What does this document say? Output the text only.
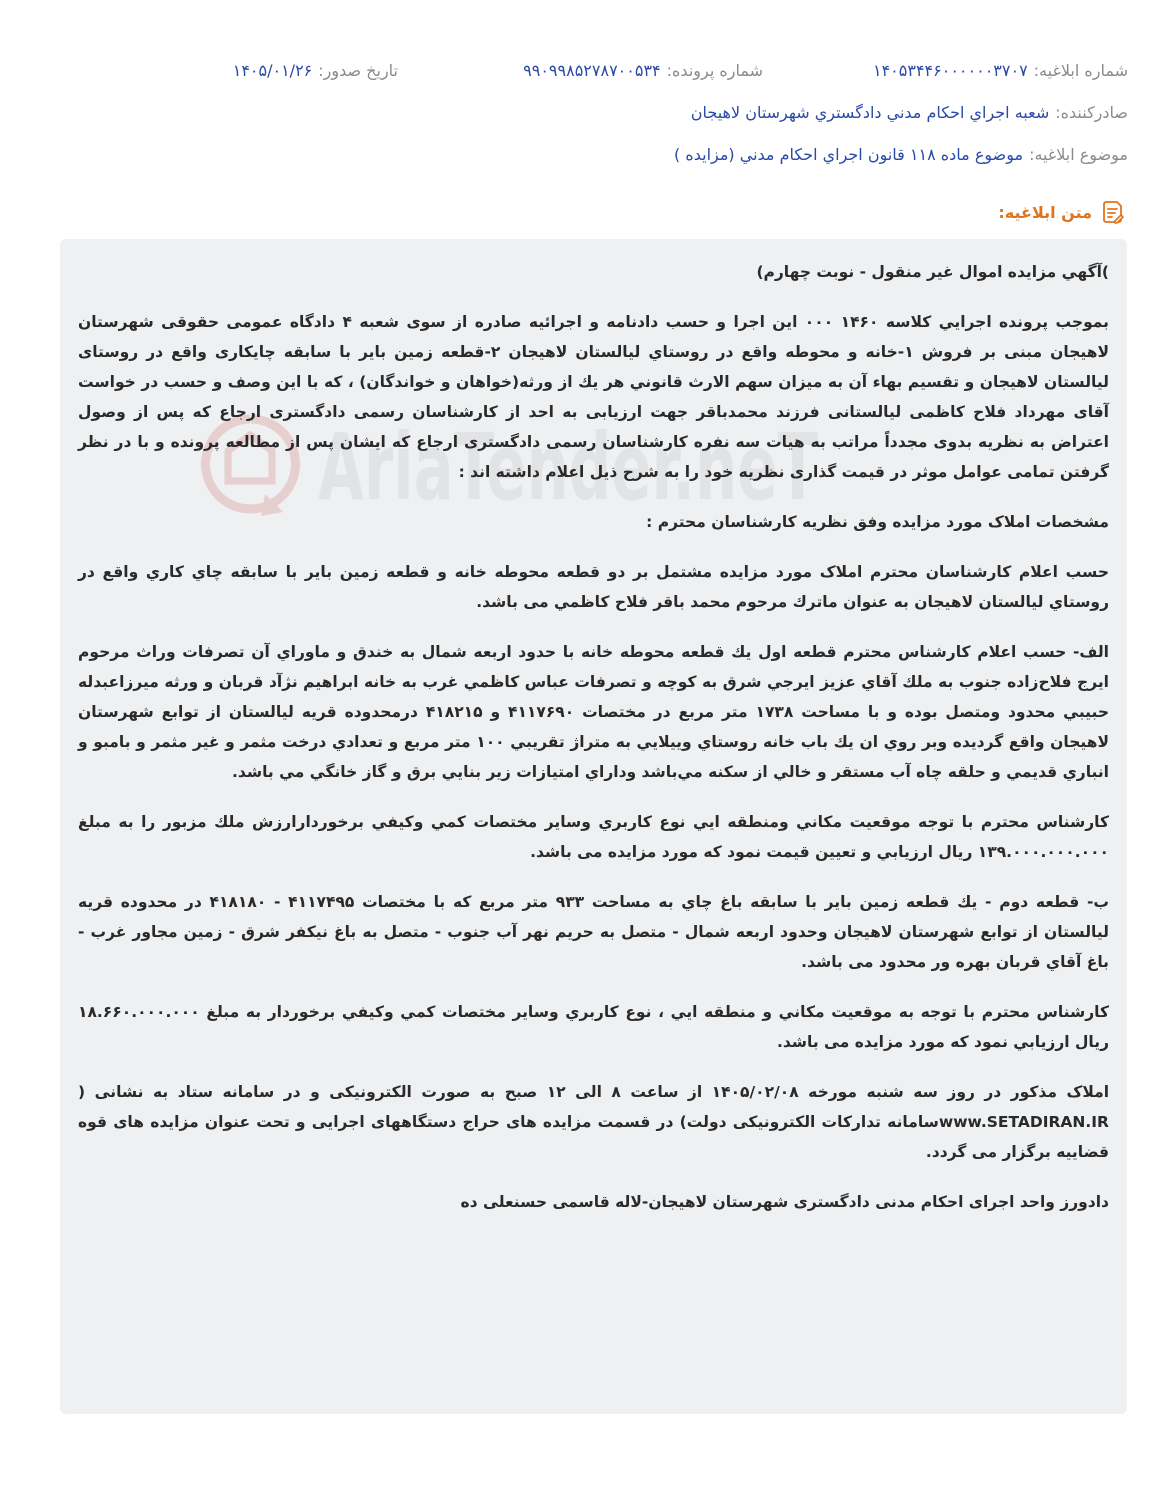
شماره ابلاغيه:
۱۴۰۵۳۴۴۶۰۰۰۰۰۰۳۷۰۷
شماره پرونده:
۹۹۰۹۹۸۵۲۷۸۷۰۰۵۳۴
تاريخ صدور:
۱۴۰۵/۰۱/۲۶
صادرکننده:
شعبه اجراي احكام مدني دادگستري شهرستان لاهيجان
موضوع ابلاغيه:
موضوع ماده ۱۱۸ قانون اجراي احكام مدني (مزايده )
متن ابلاغيه:
AriaTender.neT

)آگهي مزايده اموال غير منقول - نوبت چهارم)

بموجب پرونده اجرايي كلاسه ۱۴۶۰ ۰۰۰ اين اجرا و حسب دادنامه و اجرائيه صادره از سوی شعبه ۴ دادگاه عمومی حقوقی شهرستان لاهيجان مبنی بر فروش ۱-خانه و محوطه واقع در روستاي ليالستان لاهيجان ۲-قطعه زمين باير با سابقه چايكاری واقع در روستای ليالستان لاهيجان و تقسيم بهاء آن به ميزان سهم الارث قانوني هر يك از ورثه(خواهان و خواندگان) ، كه با اين وصف و حسب در خواست آقای مهرداد فلاح كاظمی ليالستانی فرزند محمدباقر جهت ارزيابی به احد از كارشناسان رسمی دادگستری ارجاع كه پس از وصول اعتراض به نظريه بدوی مجدداً مراتب به هيات سه نفره كارشناسان رسمی دادگستری ارجاع كه ايشان پس از مطالعه پرونده و با در نظر گرفتن تمامی عوامل موثر در قيمت گذاری نظريه خود را به شرح ذيل اعلام داشته اند :

مشخصات املاک مورد مزايده وفق نظريه كارشناسان محترم :

حسب اعلام كارشناسان محترم املاک مورد مزايده مشتمل بر دو قطعه محوطه خانه و قطعه زمين باير با سابقه چاي كاري واقع در روستاي ليالستان لاهيجان به عنوان ماترك مرحوم محمد باقر فلاح كاظمي می باشد.

الف- حسب اعلام كارشناس محترم قطعه اول يك قطعه محوطه خانه با حدود اربعه شمال به خندق و ماوراي آن تصرفات وراث مرحوم ايرج فلاح‌زاده جنوب به ملك آقاي عزيز ايرجي شرق به كوچه و تصرفات عباس كاظمي غرب به خانه ابراهيم نژآد قربان و ورثه ميرزاعبدله حبيبي محدود ومتصل بوده و با مساحت ۱۷۳۸ متر مربع در مختصات ۴۱۱۷۶۹۰ و ۴۱۸۲۱۵ درمحدوده قريه ليالستان از توابع شهرستان لاهيجان واقع گرديده وبر روي ان يك باب خانه روستاي وييلايي به متراژ تقريبي ۱۰۰ متر مربع و تعدادي درخت مثمر و غير مثمر و بامبو و انباري قديمي و حلقه چاه آب مستقر و خالي از سكنه مي‌باشد وداراي امتيازات زير بنايي برق و گاز خانگي مي باشد.

كارشناس محترم با توجه موقعيت مكاني ومنطقه ايي نوع كاربري وساير مختصات كمي وكيفي برخوردارارزش ملك مزبور را به مبلغ ۱۳۹.۰۰۰.۰۰۰.۰۰۰ ريال ارزيابي و تعيين قيمت نمود كه مورد مزايده می باشد.

ب- قطعه دوم - يك قطعه زمين باير با سابقه باغ چاي به مساحت ۹۳۳ متر مربع كه با مختصات ۴۱۱۷۴۹۵ - ۴۱۸۱۸۰ در محدوده قريه ليالستان از توابع شهرستان لاهيجان وحدود اربعه شمال - متصل به حريم نهر آب جنوب - متصل به باغ نيكفر شرق - زمين مجاور غرب - باغ آقاي قربان بهره ور محدود می باشد.

كارشناس محترم با توجه به موقعيت مكاني و منطقه ايي ، نوع كاربري وساير مختصات كمي وكيفي برخوردار به مبلغ ۱۸.۶۶۰.۰۰۰.۰۰۰ ريال ارزيابي نمود كه مورد مزايده می باشد.

املاک مذكور در روز سه شنبه مورخه ۱۴۰۵/۰۲/۰۸ از ساعت ۸ الی ۱۲ صبح به صورت الكترونيكی و در سامانه ستاد به نشانی ( www.SETADIRAN.IRسامانه تداركات الكترونيكی دولت) در قسمت مزايده های حراج دستگاههای اجرايی و تحت عنوان مزايده های قوه قضاييه برگزار می گردد.

دادورز واحد اجرای احكام مدنی دادگستری شهرستان لاهيجان-لاله قاسمی حسنعلی ده
